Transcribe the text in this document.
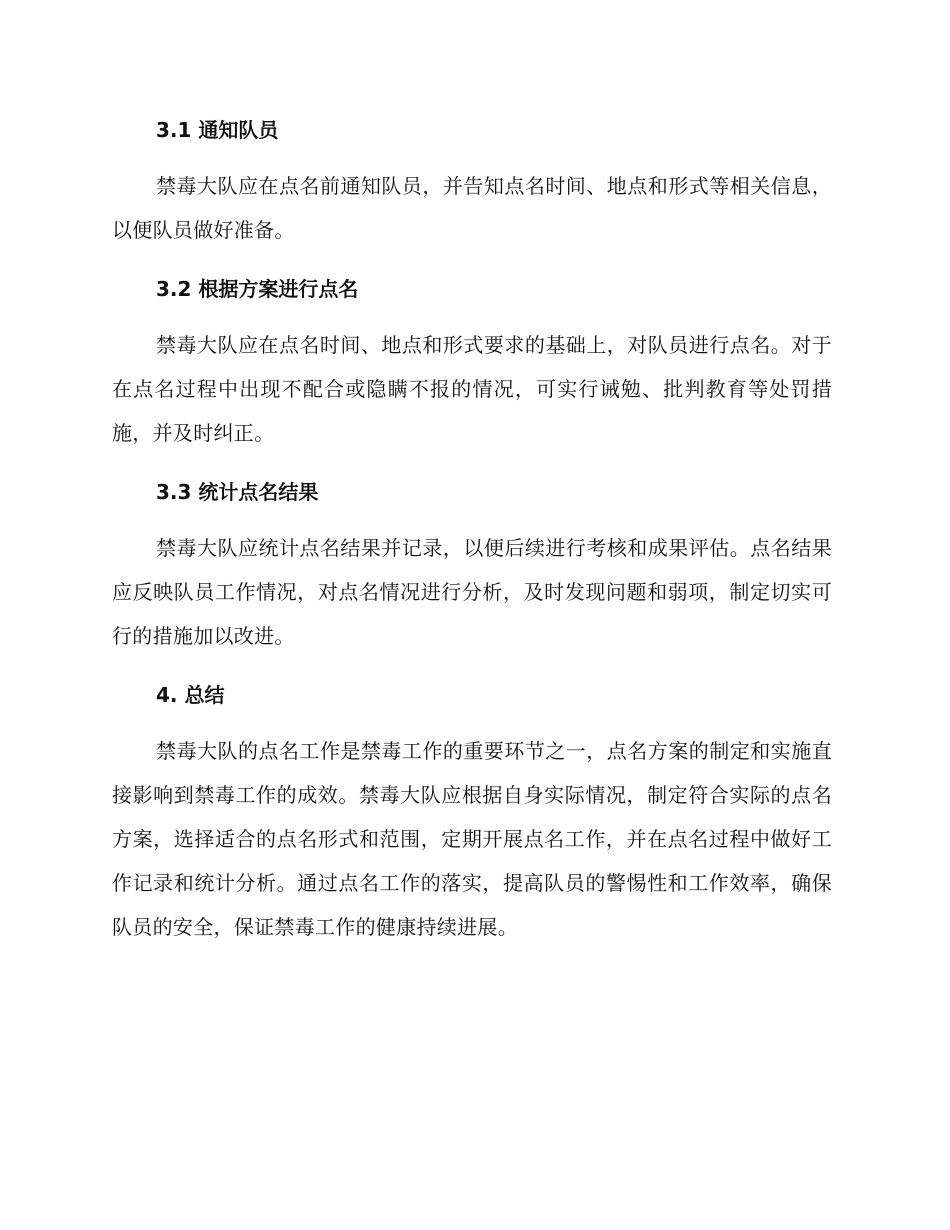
3.1 通知队员

禁毒大队应在点名前通知队员，并告知点名时间、地点和形式等相关信息，以便队员做好准备。

3.2 根据方案进行点名

禁毒大队应在点名时间、地点和形式要求的基础上，对队员进行点名。对于在点名过程中出现不配合或隐瞒不报的情况，可实行诫勉、批判教育等处罚措施，并及时纠正。

3.3 统计点名结果

禁毒大队应统计点名结果并记录，以便后续进行考核和成果评估。点名结果应反映队员工作情况，对点名情况进行分析，及时发现问题和弱项，制定切实可行的措施加以改进。

4. 总结

禁毒大队的点名工作是禁毒工作的重要环节之一，点名方案的制定和实施直接影响到禁毒工作的成效。禁毒大队应根据自身实际情况，制定符合实际的点名方案，选择适合的点名形式和范围，定期开展点名工作，并在点名过程中做好工作记录和统计分析。通过点名工作的落实，提高队员的警惕性和工作效率，确保队员的安全，保证禁毒工作的健康持续进展。
